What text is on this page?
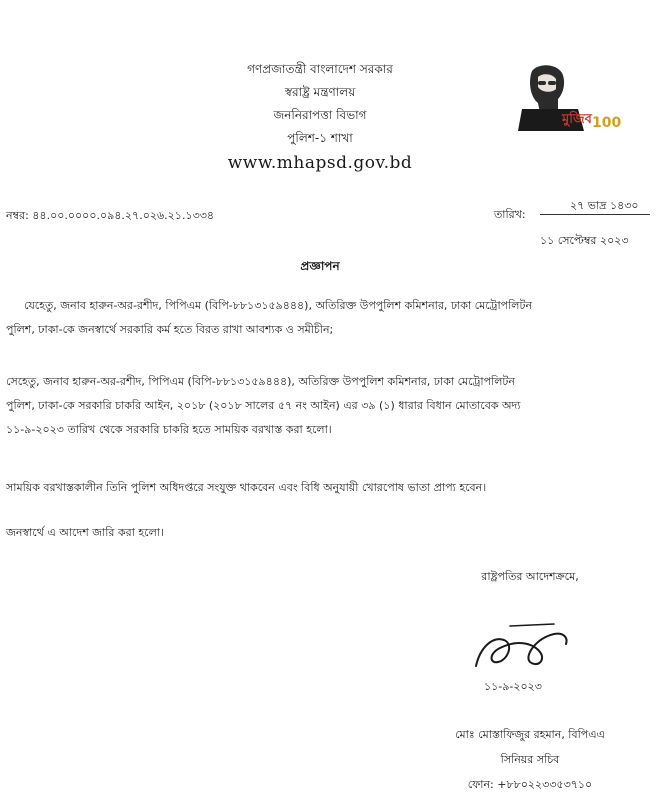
গণপ্রজাতন্ত্রী বাংলাদেশ সরকার
স্বরাষ্ট্র মন্ত্রণালয়
জননিরাপত্তা বিভাগ
পুলিশ-১ শাখা
www.mhapsd.gov.bd
মুজিব 100
নম্বর: ৪৪.০০.০০০০.০৯৪.২৭.০২৬.২১.১৩৩৪	তারিখ:
২৭ ভাদ্র ১৪৩০
১১ সেপ্টেম্বর ২০২৩
প্রজ্ঞাপন
যেহেতু, জনাব হারুন-অর-রশীদ, পিপিএম (বিপি-৮৮১৩১৫৯৪৪৪), অতিরিক্ত উপপুলিশ কমিশনার, ঢাকা মেট্রোপলিটন
পুলিশ, ঢাকা-কে জনস্বার্থে সরকারি কর্ম হতে বিরত রাখা আবশ্যক ও সমীচীন;
সেহেতু, জনাব হারুন-অর-রশীদ, পিপিএম (বিপি-৮৮১৩১৫৯৪৪৪), অতিরিক্ত উপপুলিশ কমিশনার, ঢাকা মেট্রোপলিটন
পুলিশ, ঢাকা-কে সরকারি চাকরি আইন, ২০১৮ (২০১৮ সালের ৫৭ নং আইন) এর ৩৯ (১) ধারার বিধান মোতাবেক অদ্য
১১-৯-২০২৩ তারিখ থেকে সরকারি চাকরি হতে সাময়িক বরখাস্ত করা হলো।
সাময়িক বরখাস্তকালীন তিনি পুলিশ অধিদপ্তরে সংযুক্ত থাকবেন এবং বিধি অনুযায়ী খোরপোষ ভাতা প্রাপ্য হবেন।
জনস্বার্থে এ আদেশ জারি করা হলো।
রাষ্ট্রপতির আদেশক্রমে,
১১-৯-২০২৩
মোঃ মোস্তাফিজুর রহমান, বিপিএএ
সিনিয়র সচিব
ফোন: +৮৮০২২৩৩৫৩৭১০
